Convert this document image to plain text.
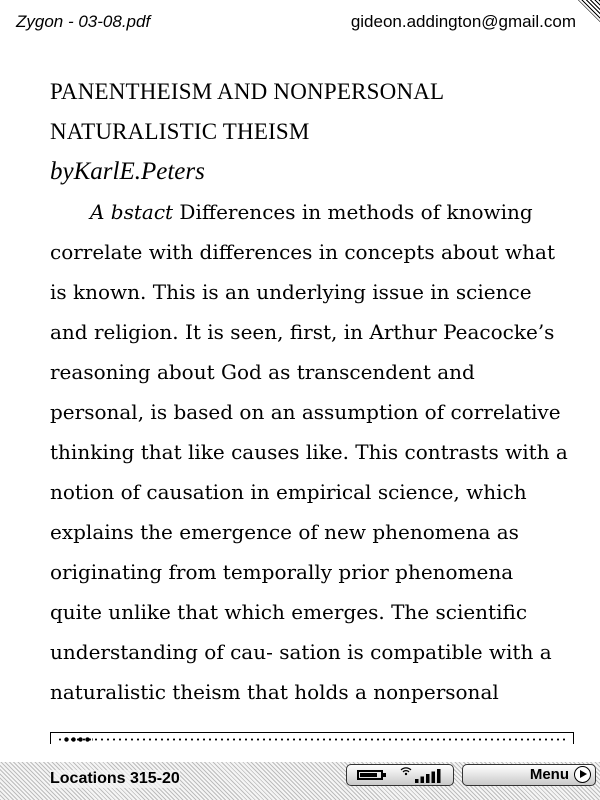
Zygon - 03-08.pdf	gideon.addington@gmail.com
PANENTHEISM AND NONPERSONAL
NATURALISTIC THEISM

byKarlE.Peters

A bstact Differences in methods of knowing
correlate with differences in concepts about what
is known. This is an underlying issue in science
and religion. It is seen, first, in Arthur Peacocke’s
reasoning about God as transcendent and
personal, is based on an assumption of correlative
thinking that like causes like. This contrasts with a
notion of causation in empirical science, which
explains the emergence of new phenomena as
originating from temporally prior phenomena
quite unlike that which emerges. The scientific
understanding of cau- sation is compatible with a
naturalistic theism that holds a nonpersonal

Locations 315-20	Menu
